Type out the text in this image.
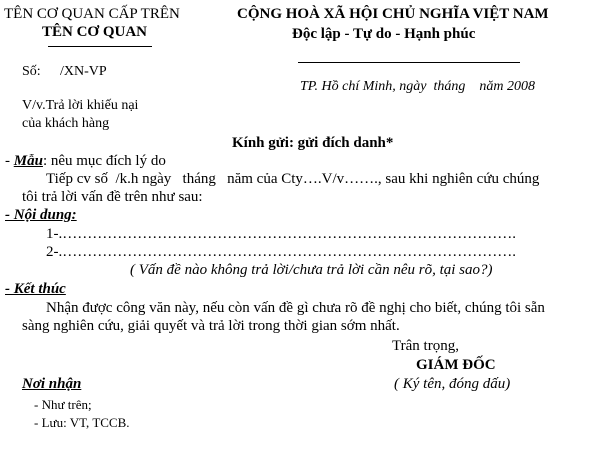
TÊN CƠ QUAN CẤP TRÊN
TÊN CƠ QUAN
CỘNG HOÀ XÃ HỘI CHỦ NGHĨA VIỆT NAM
Độc lập - Tự do - Hạnh phúc
Số: /XN-VP
TP. Hồ chí Minh, ngày  tháng    năm 2008
V/v.Trả lời khiếu nại
của khách hàng
Kính gửi: gửi đích danh*
- Mẫu: nêu mục đích lý do
Tiếp cv số  /k.h ngày   tháng   năm của Cty….V/v……., sau khi nghiên cứu chúng
tôi trả lời vấn đề trên như sau:
- Nội dung:
1-.……………………………………………………………………………….
2-.……………………………………………………………………………….
( Vấn đề nào không trả lời/chưa trả lời cần nêu rõ, tại sao?)
- Kết thúc
Nhận được công văn này, nếu còn vấn đề gì chưa rõ đề nghị cho biết, chúng tôi sẵn
sàng nghiên cứu, giải quyết và trả lời trong thời gian sớm nhất.
Trân trọng,
GIÁM ĐỐC
( Ký tên, đóng dấu)
Nơi nhận
- Như trên;
- Lưu: VT, TCCB.
